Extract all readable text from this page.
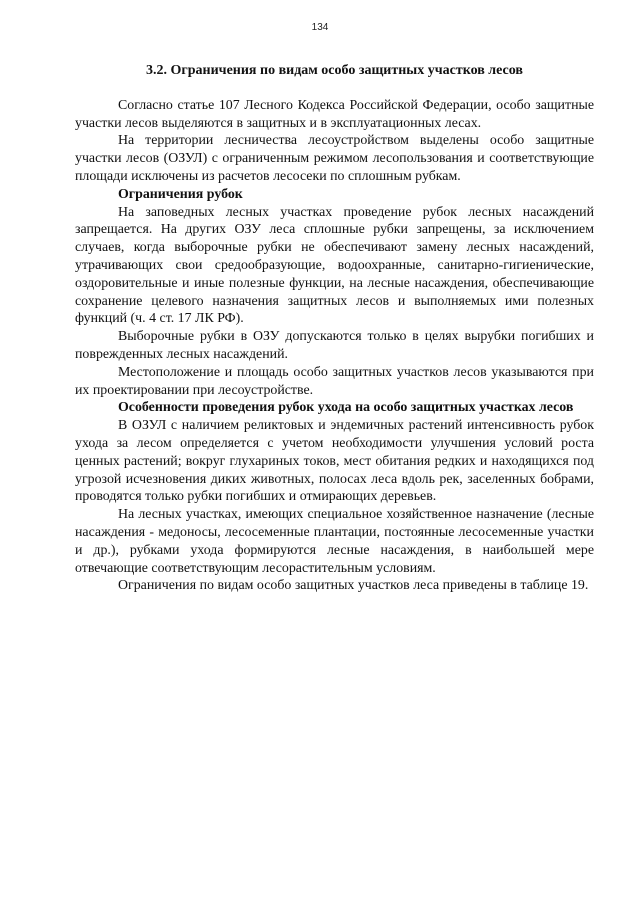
134

3.2. Ограничения по видам особо защитных участков лесов

Согласно статье 107 Лесного Кодекса Российской Федерации, особо защитные участки лесов выделяются в защитных и в эксплуатационных лесах.

На территории лесничества лесоустройством выделены особо защитные участки лесов (ОЗУЛ) с ограниченным режимом лесопользования и соответствующие площади исключены из расчетов лесосеки по сплошным рубкам.

Ограничения рубок

На заповедных лесных участках проведение рубок лесных насаждений запрещается. На других ОЗУ леса сплошные рубки запрещены, за исключением случаев, когда выборочные рубки не обеспечивают замену лесных насаждений, утрачивающих свои средообразующие, водоохранные, санитарно-гигиенические, оздоровительные и иные полезные функции, на лесные насаждения, обеспечивающие сохранение целевого назначения защитных лесов и выполняемых ими полезных функций (ч. 4 ст. 17 ЛК РФ).

Выборочные рубки в ОЗУ допускаются только в целях вырубки погибших и поврежденных лесных насаждений.

Местоположение и площадь особо защитных участков лесов указываются при их проектировании при лесоустройстве.

Особенности проведения рубок ухода на особо защитных участках лесов

В ОЗУЛ с наличием реликтовых и эндемичных растений интенсивность рубок ухода за лесом определяется с учетом необходимости улучшения условий роста ценных растений; вокруг глухариных токов, мест обитания редких и находящихся под угрозой исчезновения диких животных, полосах леса вдоль рек, заселенных бобрами, проводятся только рубки погибших и отмирающих деревьев.

На лесных участках, имеющих специальное хозяйственное назначение (лесные насаждения - медоносы, лесосеменные плантации, постоянные лесосеменные участки и др.), рубками ухода формируются лесные насаждения, в наибольшей мере отвечающие соответствующим лесорастительным условиям.

Ограничения по видам особо защитных участков леса приведены в таблице 19.
